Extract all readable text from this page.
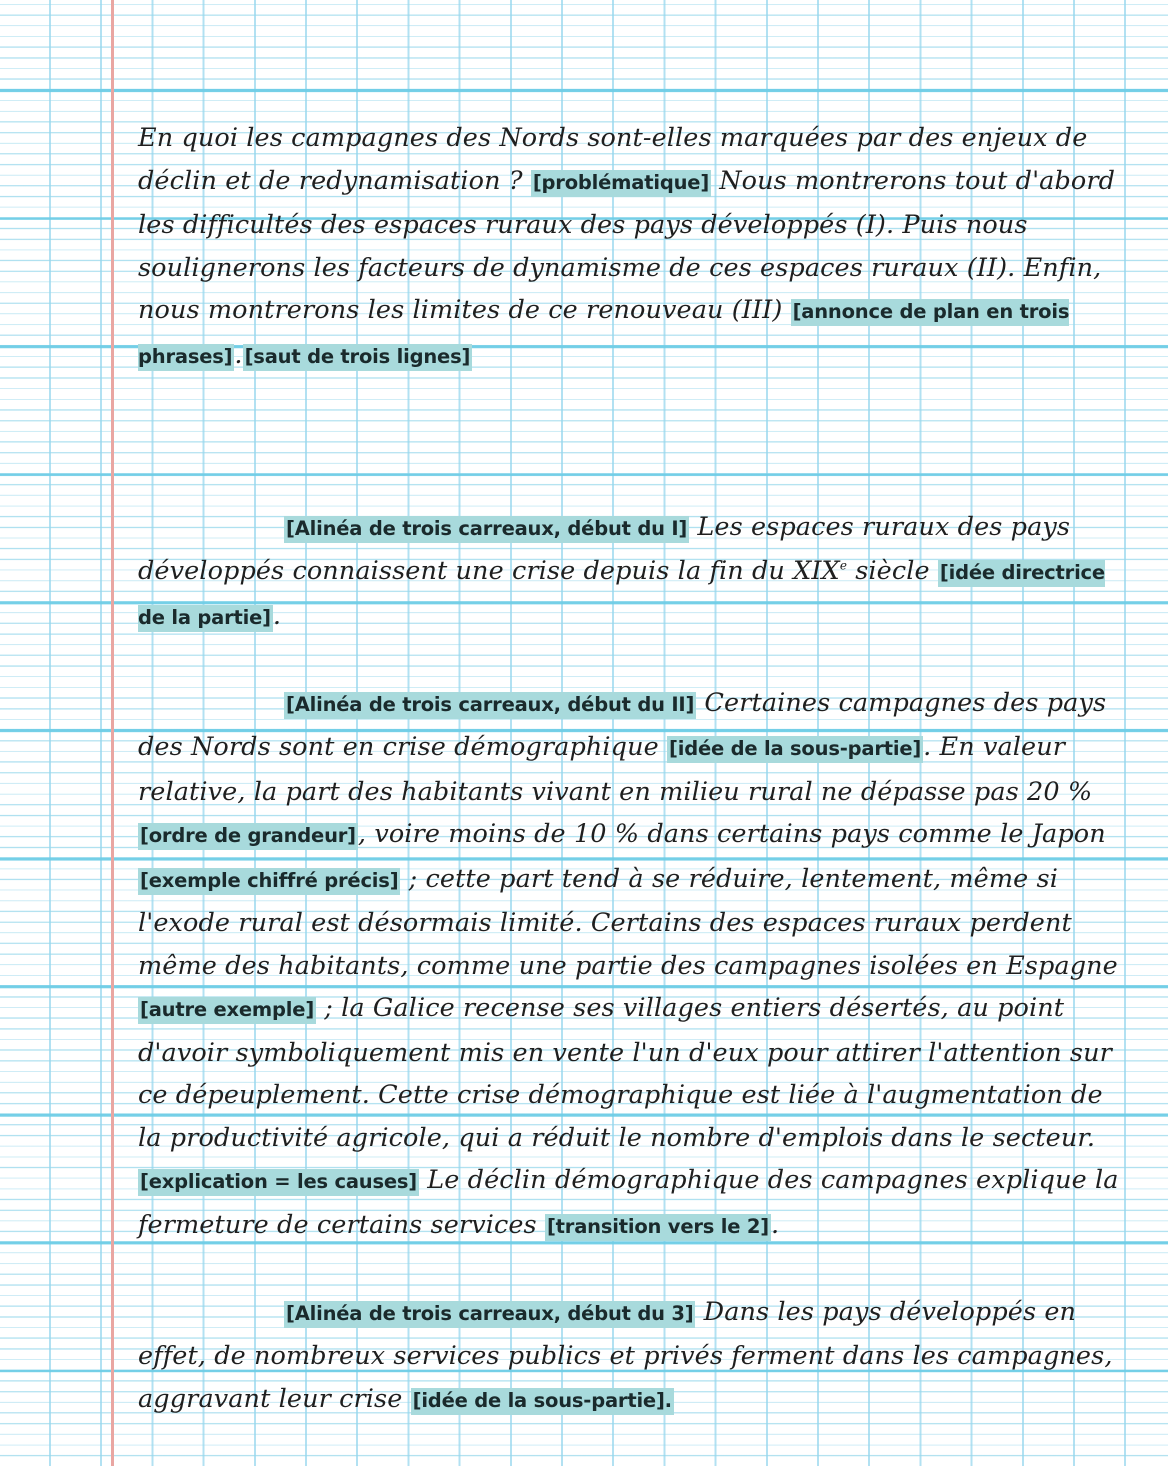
En quoi les campagnes des Nords sont-elles marquées par des enjeux de déclin et de redynamisation ? [problématique] Nous montrerons tout d'abord les difficultés des espaces ruraux des pays développés (I). Puis nous soulignerons les facteurs de dynamisme de ces espaces ruraux (II). Enfin, nous montrerons les limites de ce renouveau (III) [annonce de plan en trois phrases]. [saut de trois lignes]

[Alinéa de trois carreaux, début du I] Les espaces ruraux des pays développés connaissent une crise depuis la fin du XIXe siècle [idée directrice de la partie].

[Alinéa de trois carreaux, début du II] Certaines campagnes des pays des Nords sont en crise démographique [idée de la sous-partie]. En valeur relative, la part des habitants vivant en milieu rural ne dépasse pas 20 % [ordre de grandeur], voire moins de 10 % dans certains pays comme le Japon [exemple chiffré précis] ; cette part tend à se réduire, lentement, même si l'exode rural est désormais limité. Certains des espaces ruraux perdent même des habitants, comme une partie des campagnes isolées en Espagne [autre exemple] ; la Galice recense ses villages entiers désertés, au point d'avoir symboliquement mis en vente l'un d'eux pour attirer l'attention sur ce dépeuplement. Cette crise démographique est liée à l'augmentation de la productivité agricole, qui a réduit le nombre d'emplois dans le secteur. [explication = les causes] Le déclin démographique des campagnes explique la fermeture de certains services [transition vers le 2].

[Alinéa de trois carreaux, début du 3] Dans les pays développés en effet, de nombreux services publics et privés ferment dans les campagnes, aggravant leur crise [idée de la sous-partie].
